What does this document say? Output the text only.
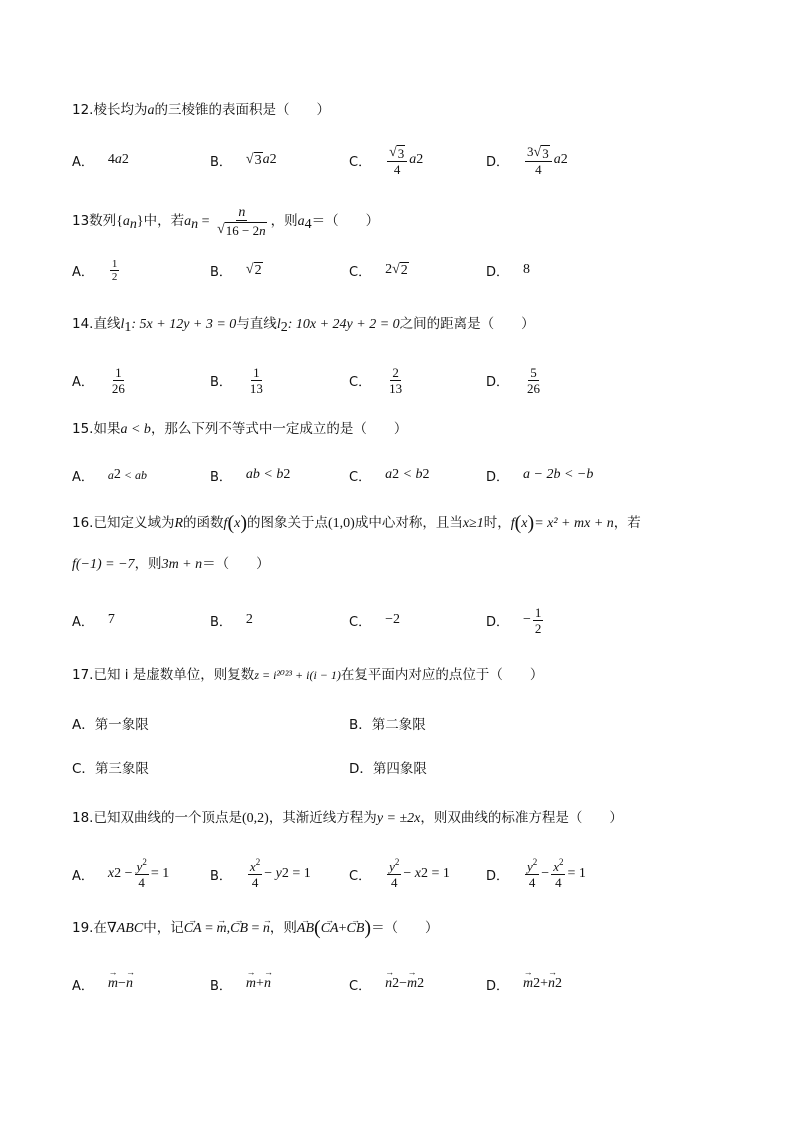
12.棱长均为a的三棱锥的表面积是（　　）
A． 4 a 2	B． √ 3 a 2	C． $\frac{√ 3}{4}$ a 2	D． $\frac{3 √ 3}{4}$ a 2
13数列$\{a_n\}$中，若$a_n = \frac{n}{√ 16 - 2n}$ ，则$a_4=$（　　）
A． $\frac{1}{2}$	B． √ 2	C． 2 √ 2	D． 8
14.直线$l_1$: 5x + 12y + 3 = 0与直线$l_2$: 10x + 24y + 2 = 0之间的距离是（　　）
A． $\frac{1}{26}$	B． $\frac{1}{13}$	C． $\frac{2}{13}$	D． $\frac{5}{26}$
15.如果a < b，那么下列不等式中一定成立的是（　　）
A． a 2 < ab	B． ab < b 2	C． a 2 < b 2	D． a − 2b < −b
16.已知定义域为R的函数f(x)的图象关于点(1,0)成中心对称，且当x≥1时，f(x)= x² + mx + n，若
f(−1) = −7，则3m + n＝（　　）
A． 7	B． 2	C． −2	D． − $\frac{1}{2}$
17.已知 i 是虚数单位，则复数z = i²⁰²³ + i(i − 1)在复平面内对应的点位于（　　）
A．第一象限	B．第二象限
C．第三象限	D．第四象限
18.已知双曲线的一个顶点是(0,2)，其渐近线方程为y = ±2x，则双曲线的标准方程是（　　）
A． x $2 - \frac{y^2}{4} = 1$	B． $\frac{x^2}{4} - y$ 2 = 1	C． $\frac{y^2}{4} - x$ 2 = 1	D． $\frac{y^2}{4} - \frac{x^2}{4} = 1$
19.在∇ABC中，记→ CA = → m,→ CB = → n，则→ AB(→ CA+→ CB)＝（　　）
A． → m − → n	B． → m + → n	C． → n 2 − → m 2	D． → m 2 + → n 2
